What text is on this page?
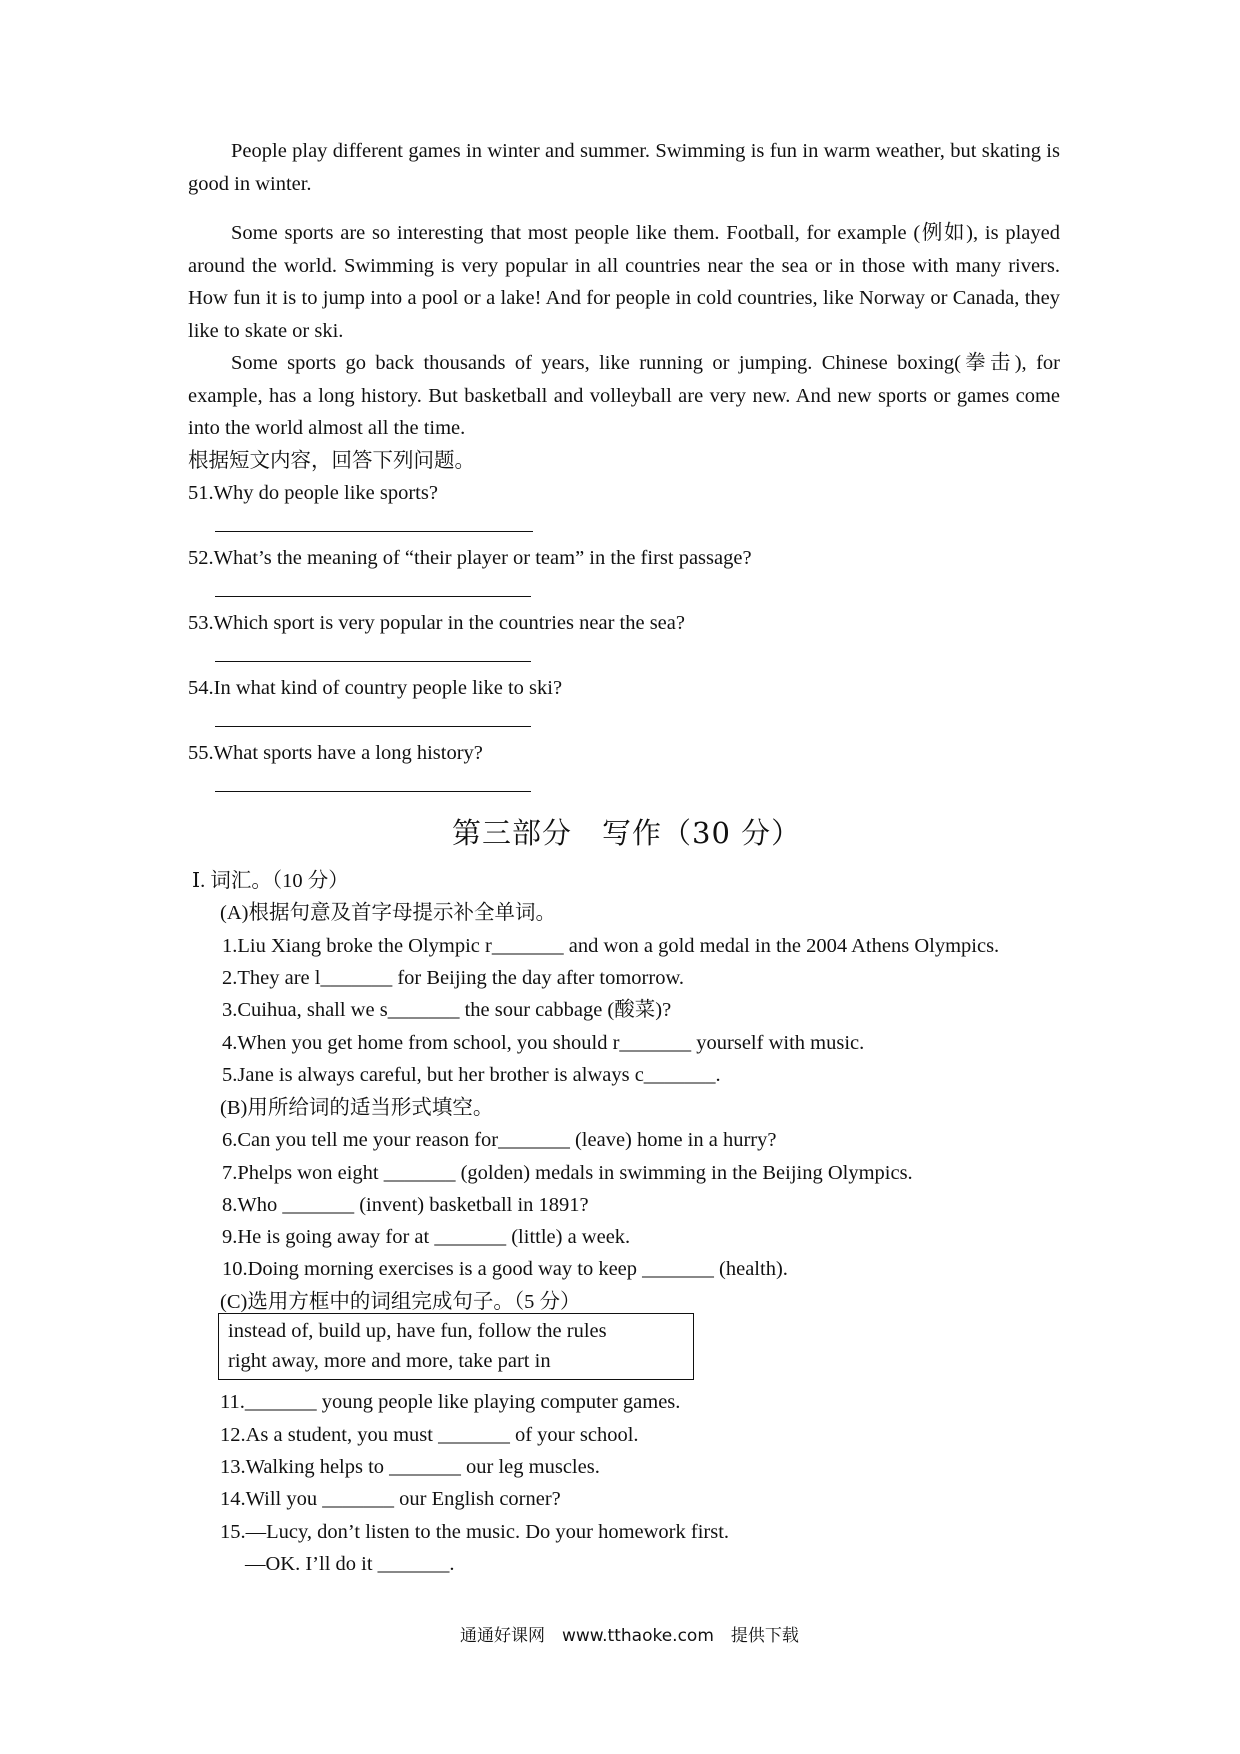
People play different games in winter and summer. Swimming is fun in warm weather, but skating is good in winter.
Some sports are so interesting that most people like them. Football, for example (例如), is played around the world. Swimming is very popular in all countries near the sea or in those with many rivers. How fun it is to jump into a pool or a lake! And for people in cold countries, like Norway or Canada, they like to skate or ski.
Some sports go back thousands of years, like running or jumping. Chinese boxing(拳击), for example, has a long history. But basketball and volleyball are very new. And new sports or games come into the world almost all the time.
根据短文内容，回答下列问题。
51.Why do people like sports?
52.What’s the meaning of “their player or team” in the first passage?
53.Which sport is very popular in the countries near the sea?
54.In what kind of country people like to ski?
55.What sports have a long history?
第三部分　写作（30 分）
Ⅰ. 词汇。（10 分）
(A)根据句意及首字母提示补全单词。
1.Liu Xiang broke the Olympic r_______ and won a gold medal in the 2004 Athens Olympics.
2.They are l_______ for Beijing the day after tomorrow.
3.Cuihua, shall we s_______ the sour cabbage (酸菜)?
4.When you get home from school, you should r_______ yourself with music.
5.Jane is always careful, but her brother is always c_______.
(B)用所给词的适当形式填空。
6.Can you tell me your reason for_______ (leave) home in a hurry?
7.Phelps won eight _______ (golden) medals in swimming in the Beijing Olympics.
8.Who _______ (invent) basketball in 1891?
9.He is going away for at _______ (little) a week.
10.Doing morning exercises is a good way to keep _______ (health).
(C)选用方框中的词组完成句子。（5 分）
instead of, build up, have fun, follow the rules
right away, more and more, take part in
11._______ young people like playing computer games.
12.As a student, you must _______ of your school.
13.Walking helps to _______ our leg muscles.
14.Will you _______ our English corner?
15.—Lucy, don’t listen to the music. Do your homework first.
—OK. I’ll do it _______.
通通好课网　www.tthaoke.com　提供下载
